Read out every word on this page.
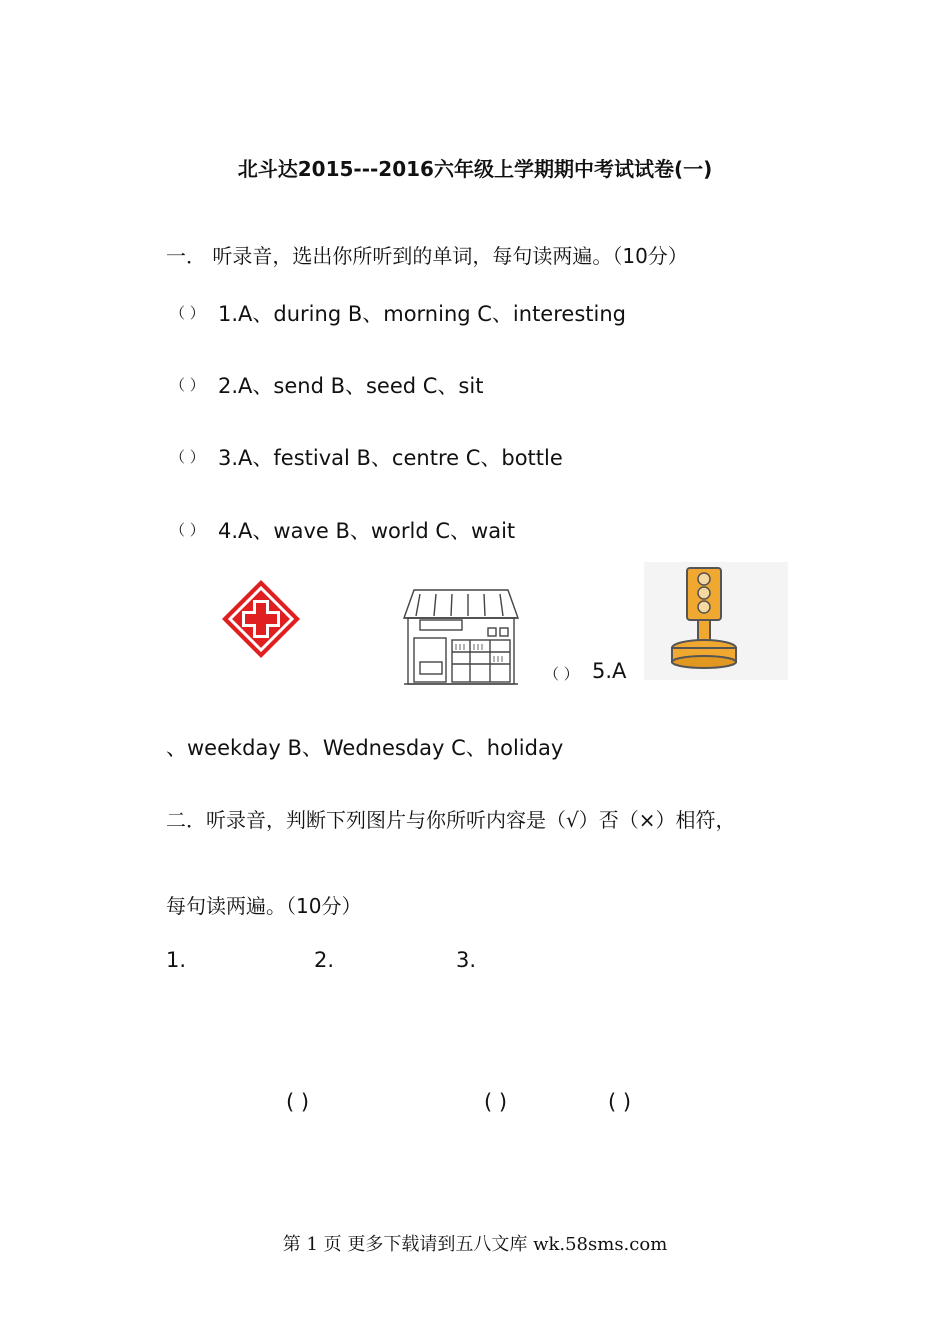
北斗达2015---2016六年级上学期期中考试试卷(一)
一． 听录音，选出你所听到的单词，每句读两遍。（10分）
（ ） 1.A、during B、morning C、interesting
（ ） 2.A、send B、seed C、sit
（ ） 3.A、festival B、centre C、bottle
（ ） 4.A、wave B、world C、wait
（ ） 5.A
、weekday B、Wednesday C、holiday
二．听录音，判断下列图片与你所听内容是（√）否（×）相符，
每句读两遍。（10分）
1.	2.	3.
( )	( )	( )
第 1 页 更多下载请到五八文库 wk.58sms.com
